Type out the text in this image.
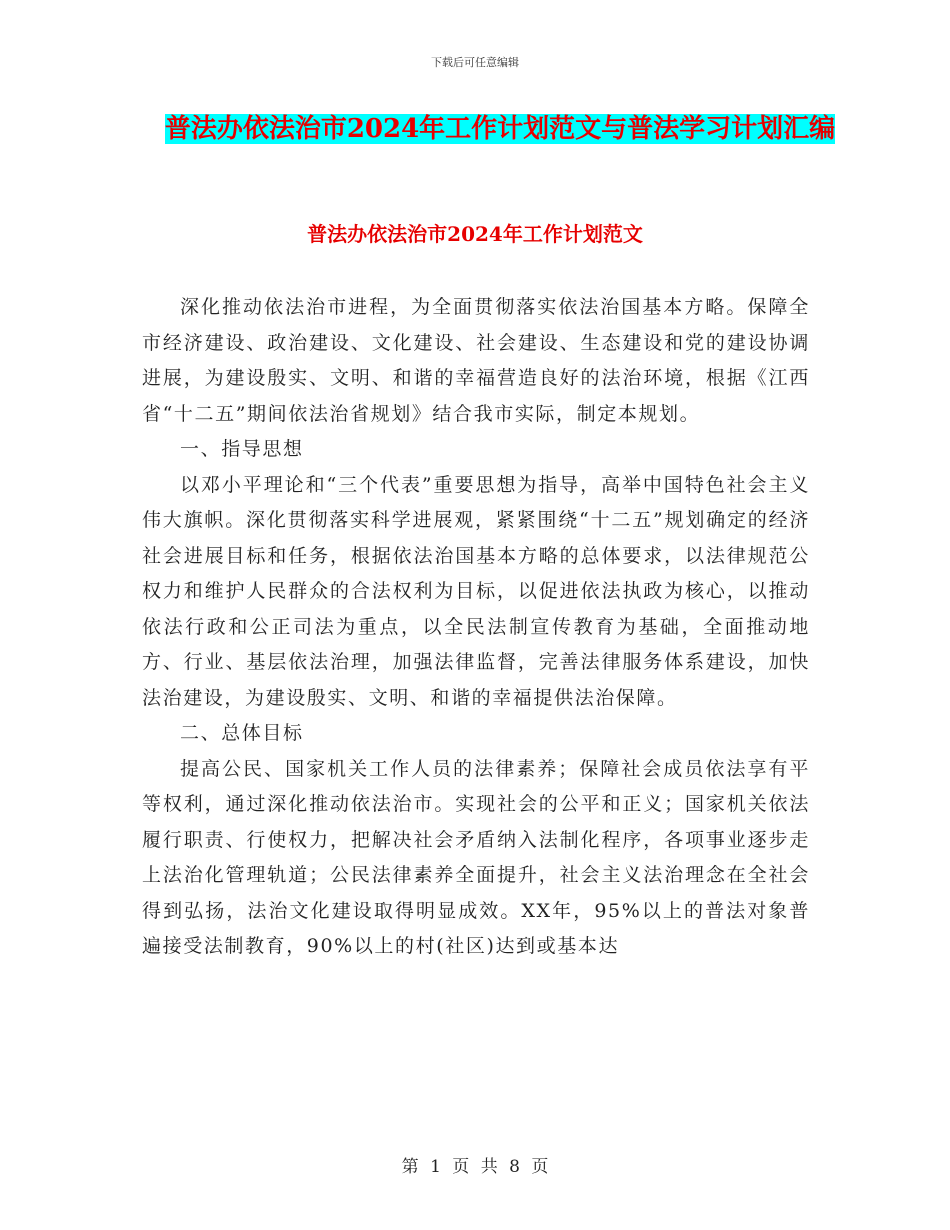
下载后可任意编辑
普法办依法治市2024年工作计划范文与普法学习计划汇编
普法办依法治市2024年工作计划范文

深化推动依法治市进程，为全面贯彻落实依法治国基本方略。保障全市经济建设、政治建设、文化建设、社会建设、生态建设和党的建设协调进展，为建设殷实、文明、和谐的幸福营造良好的法治环境，根据《江西省“十二五”期间依法治省规划》结合我市实际，制定本规划。

一、指导思想

以邓小平理论和“三个代表”重要思想为指导，高举中国特色社会主义伟大旗帜。深化贯彻落实科学进展观，紧紧围绕“十二五”规划确定的经济社会进展目标和任务，根据依法治国基本方略的总体要求，以法律规范公权力和维护人民群众的合法权利为目标，以促进依法执政为核心，以推动依法行政和公正司法为重点，以全民法制宣传教育为基础，全面推动地方、行业、基层依法治理，加强法律监督，完善法律服务体系建设，加快法治建设，为建设殷实、文明、和谐的幸福提供法治保障。

二、总体目标

提高公民、国家机关工作人员的法律素养；保障社会成员依法享有平等权利，通过深化推动依法治市。实现社会的公平和正义；国家机关依法履行职责、行使权力，把解决社会矛盾纳入法制化程序，各项事业逐步走上法治化管理轨道；公民法律素养全面提升，社会主义法治理念在全社会得到弘扬，法治文化建设取得明显成效。XX年，95%以上的普法对象普遍接受法制教育，90%以上的村(社区)达到或基本达

第 1 页 共 8 页
